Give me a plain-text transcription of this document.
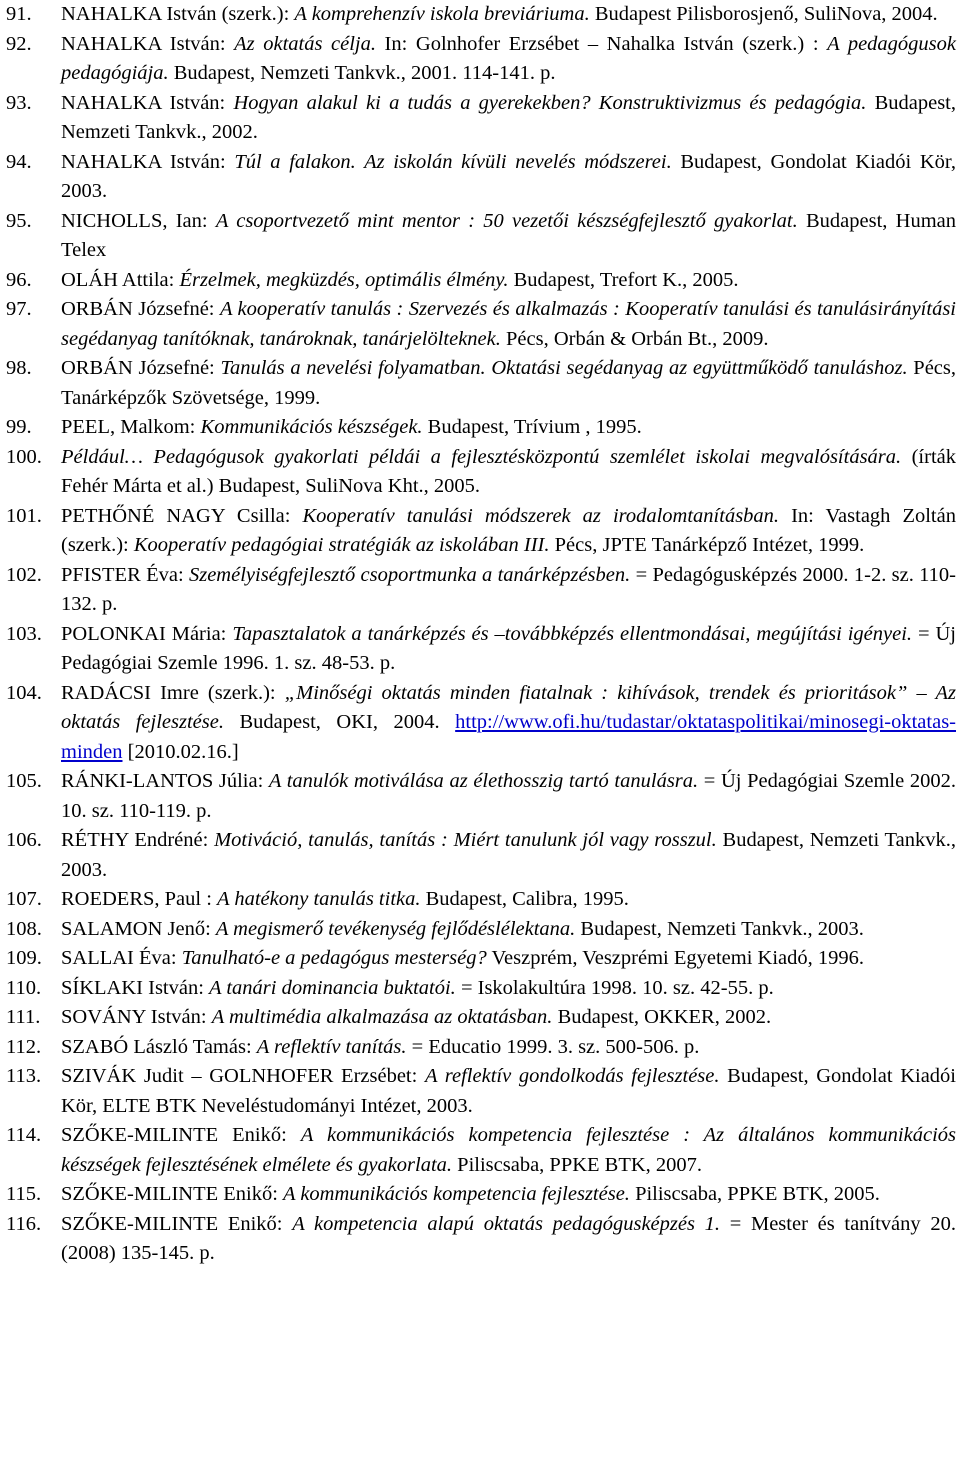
91. NAHALKA István (szerk.): A komprehenzív iskola breviáriuma. Budapest Pilisborosjenő, SuliNova, 2004.
92. NAHALKA István: Az oktatás célja. In: Golnhofer Erzsébet – Nahalka István (szerk.) : A pedagógusok pedagógiája. Budapest, Nemzeti Tankvk., 2001. 114-141. p.
93. NAHALKA István: Hogyan alakul ki a tudás a gyerekekben? Konstruktivizmus és pedagógia. Budapest, Nemzeti Tankvk., 2002.
94. NAHALKA István: Túl a falakon. Az iskolán kívüli nevelés módszerei. Budapest, Gondolat Kiadói Kör, 2003.
95. NICHOLLS, Ian: A csoportvezető mint mentor : 50 vezetői készségfejlesztő gyakorlat. Budapest, Human Telex
96. OLÁH Attila: Érzelmek, megküzdés, optimális élmény. Budapest, Trefort K., 2005.
97. ORBÁN Józsefné: A kooperatív tanulás : Szervezés és alkalmazás : Kooperatív tanulási és tanulásirányítási segédanyag tanítóknak, tanároknak, tanárjelölteknek. Pécs, Orbán & Orbán Bt., 2009.
98. ORBÁN Józsefné: Tanulás a nevelési folyamatban. Oktatási segédanyag az együttműködő tanuláshoz. Pécs, Tanárképzők Szövetsége, 1999.
99. PEEL, Malkom: Kommunikációs készségek. Budapest, Trívium , 1995.
100. Például… Pedagógusok gyakorlati példái a fejlesztésközpontú szemlélet iskolai megvalósítására. (írták Fehér Márta et al.) Budapest, SuliNova Kht., 2005.
101. PETHŐNÉ NAGY Csilla: Kooperatív tanulási módszerek az irodalomtanításban. In: Vastagh Zoltán (szerk.): Kooperatív pedagógiai stratégiák az iskolában III. Pécs, JPTE Tanárképző Intézet, 1999.
102. PFISTER Éva: Személyiségfejlesztő csoportmunka a tanárképzésben. = Pedagógusképzés 2000. 1-2. sz. 110-132. p.
103. POLONKAI Mária: Tapasztalatok a tanárképzés és –továbbképzés ellentmondásai, megújítási igényei. = Új Pedagógiai Szemle 1996. 1. sz. 48-53. p.
104. RADÁCSI Imre (szerk.): „Minőségi oktatás minden fiatalnak : kihívások, trendek és prioritások” – Az oktatás fejlesztése. Budapest, OKI, 2004. http://www.ofi.hu/tudastar/oktataspolitikai/minosegi-oktatas-minden [2010.02.16.]
105. RÁNKI-LANTOS Júlia: A tanulók motiválása az élethosszig tartó tanulásra. = Új Pedagógiai Szemle 2002. 10. sz. 110-119. p.
106. RÉTHY Endréné: Motiváció, tanulás, tanítás : Miért tanulunk jól vagy rosszul. Budapest, Nemzeti Tankvk., 2003.
107. ROEDERS, Paul : A hatékony tanulás titka. Budapest, Calibra, 1995.
108. SALAMON Jenő: A megismerő tevékenység fejlődéslélektana. Budapest, Nemzeti Tankvk., 2003.
109. SALLAI Éva: Tanulható-e a pedagógus mesterség? Veszprém, Veszprémi Egyetemi Kiadó, 1996.
110. SÍKLAKI István: A tanári dominancia buktatói. = Iskolakultúra 1998. 10. sz. 42-55. p.
111. SOVÁNY István: A multimédia alkalmazása az oktatásban. Budapest, OKKER, 2002.
112. SZABÓ László Tamás: A reflektív tanítás. = Educatio 1999. 3. sz. 500-506. p.
113. SZIVÁK Judit – GOLNHOFER Erzsébet: A reflektív gondolkodás fejlesztése. Budapest, Gondolat Kiadói Kör, ELTE BTK Neveléstudományi Intézet, 2003.
114. SZŐKE-MILINTE Enikő: A kommunikációs kompetencia fejlesztése : Az általános kommunikációs készségek fejlesztésének elmélete és gyakorlata. Piliscsaba, PPKE BTK, 2007.
115. SZŐKE-MILINTE Enikő: A kommunikációs kompetencia fejlesztése. Piliscsaba, PPKE BTK, 2005.
116. SZŐKE-MILINTE Enikő: A kompetencia alapú oktatás pedagógusképzés 1. = Mester és tanítvány 20. (2008) 135-145. p.
